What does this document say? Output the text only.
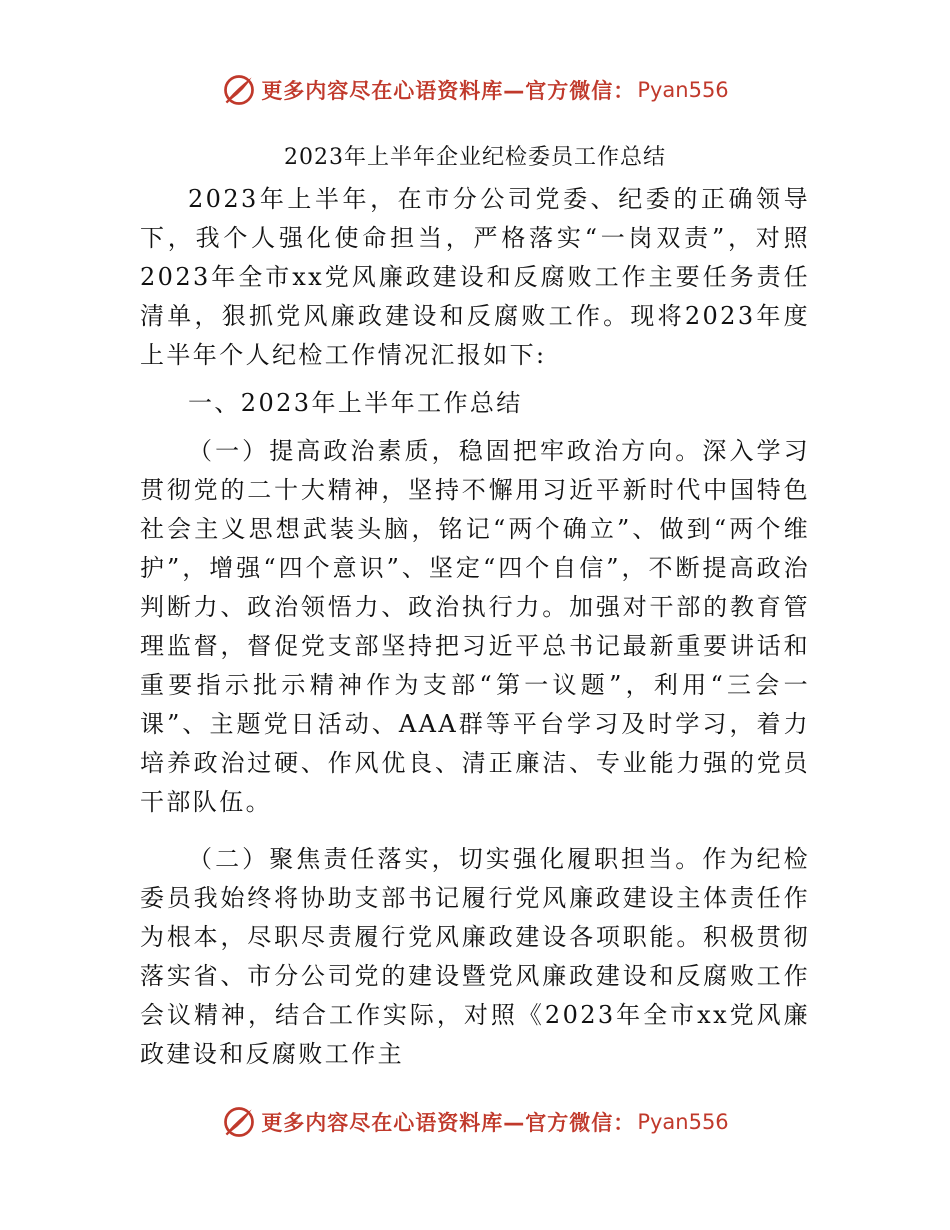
更多内容尽在心语资料库—官方微信： Pyan556

2023年上半年企业纪检委员工作总结

2023年上半年，在市分公司党委、纪委的正确领导下，我个人强化使命担当，严格落实“一岗双责”，对照2023年全市xx党风廉政建设和反腐败工作主要任务责任清单，狠抓党风廉政建设和反腐败工作。现将2023年度上半年个人纪检工作情况汇报如下:

一、2023年上半年工作总结

（一）提高政治素质，稳固把牢政治方向。深入学习贯彻党的二十大精神，坚持不懈用习近平新时代中国特色社会主义思想武装头脑，铭记“两个确立”、做到“两个维护”，增强“四个意识”、坚定“四个自信”，不断提高政治判断力、政治领悟力、政治执行力。加强对干部的教育管理监督，督促党支部坚持把习近平总书记最新重要讲话和重要指示批示精神作为支部“第一议题”，利用“三会一课”、主题党日活动、AAA群等平台学习及时学习，着力培养政治过硬、作风优良、清正廉洁、专业能力强的党员干部队伍。

（二）聚焦责任落实，切实强化履职担当。作为纪检委员我始终将协助支部书记履行党风廉政建设主体责任作为根本，尽职尽责履行党风廉政建设各项职能。积极贯彻落实省、市分公司党的建设暨党风廉政建设和反腐败工作会议精神，结合工作实际，对照《2023年全市xx党风廉政建设和反腐败工作主

更多内容尽在心语资料库—官方微信： Pyan556
